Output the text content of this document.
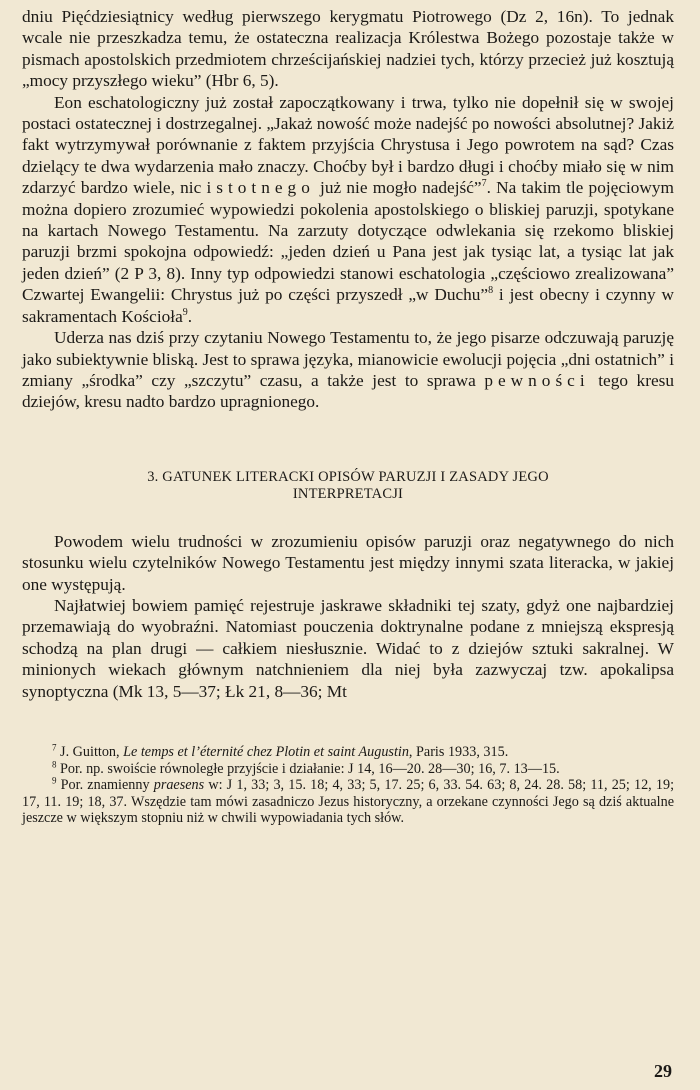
dniu Pięćdziesiątnicy według pierwszego kerygmatu Piotrowego (Dz 2, 16n). To jednak wcale nie przeszkadza temu, że ostateczna realizacja Królestwa Bożego pozostaje także w pismach apostolskich przedmiotem chrześcijańskiej nadziei tych, którzy przecież już kosztują „mocy przyszłego wieku” (Hbr 6, 5).

Eon eschatologiczny już został zapoczątkowany i trwa, tylko nie dopełnił się w swojej postaci ostatecznej i dostrzegalnej. „Jakaż nowość może nadejść po nowości absolutnej? Jakiż fakt wytrzymywał porównanie z faktem przyjścia Chrystusa i Jego powrotem na sąd? Czas dzielący te dwa wydarzenia mało znaczy. Choćby był i bardzo długi i choćby miało się w nim zdarzyć bardzo wiele, nic istotnego już nie mogło nadejść”$^7$. Na takim tle pojęciowym można dopiero zrozumieć wypowiedzi pokolenia apostolskiego o bliskiej paruzji, spotykane na kartach Nowego Testamentu. Na zarzuty dotyczące odwlekania się rzekomo bliskiej paruzji brzmi spokojna odpowiedź: „jeden dzień u Pana jest jak tysiąc lat, a tysiąc lat jak jeden dzień” (2 P 3, 8). Inny typ odpowiedzi stanowi eschatologia „częściowo zrealizowana” Czwartej Ewangelii: Chrystus już po części przyszedł „w Duchu”$^8$ i jest obecny i czynny w sakramentach Kościoła$^9$.

Uderza nas dziś przy czytaniu Nowego Testamentu to, że jego pisarze odczuwają paruzję jako subiektywnie bliską. Jest to sprawa języka, mianowicie ewolucji pojęcia „dni ostatnich” i zmiany „środka” czy „szczytu” czasu, a także jest to sprawa pewności tego kresu dziejów, kresu nadto bardzo upragnionego.

3. GATUNEK LITERACKI OPISÓW PARUZJI I ZASADY JEGO
INTERPRETACJI

Powodem wielu trudności w zrozumieniu opisów paruzji oraz negatywnego do nich stosunku wielu czytelników Nowego Testamentu jest między innymi szata literacka, w jakiej one występują.

Najłatwiej bowiem pamięć rejestruje jaskrawe składniki tej szaty, gdyż one najbardziej przemawiają do wyobraźni. Natomiast pouczenia doktrynalne podane z mniejszą ekspresją schodzą na plan drugi — całkiem niesłusznie. Widać to z dziejów sztuki sakralnej. W minionych wiekach głównym natchnieniem dla niej była zazwyczaj tzw. apokalipsa synoptyczna (Mk 13, 5—37; Łk 21, 8—36; Mt

$^7$ J. Guitton, Le temps et l’éternité chez Plotin et saint Augustin, Paris 1933, 315.

$^8$ Por. np. swoiście równoległe przyjście i działanie: J 14, 16—20. 28—30; 16, 7. 13—15.

$^9$ Por. znamienny praesens w: J 1, 33; 3, 15. 18; 4, 33; 5, 17. 25; 6, 33. 54. 63; 8, 24. 28. 58; 11, 25; 12, 19; 17, 11. 19; 18, 37. Wszędzie tam mówi zasadniczo Jezus historyczny, a orzekane czynności Jego są dziś aktualne jeszcze w większym stopniu niż w chwili wypowiadania tych słów.

29
